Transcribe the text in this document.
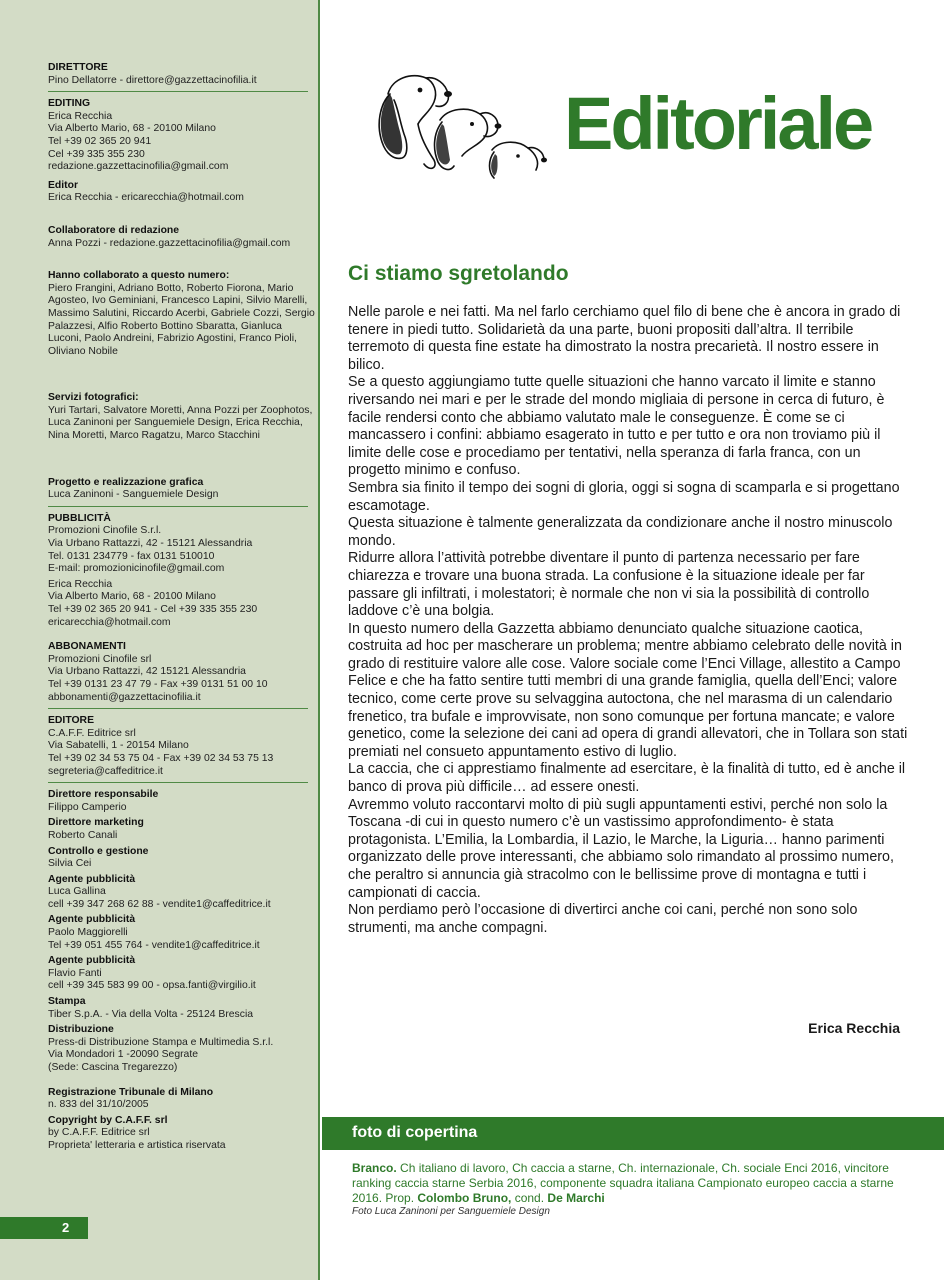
DIRETTORE
Pino Dellatorre - direttore@gazzettacinofilia.it
EDITING
Erica Recchia
Via Alberto Mario, 68 - 20100 Milano
Tel +39 02 365 20 941
Cel +39 335 355 230
redazione.gazzettacinofilia@gmail.com
Editor
Erica Recchia - ericarecchia@hotmail.com
Collaboratore di redazione
Anna Pozzi - redazione.gazzettacinofilia@gmail.com
Hanno collaborato a questo numero:
Piero Frangini, Adriano Botto, Roberto Fiorona, Mario
Agosteo, Ivo Geminiani, Francesco Lapini, Silvio Marelli,
Massimo Salutini, Riccardo Acerbi, Gabriele Cozzi, Sergio
Palazzesi, Alfio Roberto Bottino Sbaratta, Gianluca
Luconi, Paolo Andreini, Fabrizio Agostini, Franco Pioli,
Oliviano Nobile
Servizi fotografici:
Yuri Tartari, Salvatore Moretti, Anna Pozzi per Zoophotos,
Luca Zaninoni per Sanguemiele Design, Erica Recchia,
Nina Moretti, Marco Ragatzu, Marco Stacchini
Progetto e realizzazione grafica
Luca Zaninoni - Sanguemiele Design
PUBBLICITÀ
Promozioni Cinofile S.r.l.
Via Urbano Rattazzi, 42 - 15121 Alessandria
Tel. 0131 234779 - fax 0131 510010
E-mail: promozionicinofile@gmail.com
Erica Recchia
Via Alberto Mario, 68 - 20100 Milano
Tel +39 02 365 20 941 - Cel +39 335 355 230
ericarecchia@hotmail.com
ABBONAMENTI
Promozioni Cinofile srl
Via Urbano Rattazzi, 42 15121 Alessandria
Tel +39 0131 23 47 79 - Fax +39 0131 51 00 10
abbonamenti@gazzettacinofilia.it
EDITORE
C.A.F.F. Editrice srl
Via Sabatelli, 1 - 20154 Milano
Tel +39 02 34 53 75 04 - Fax +39 02 34 53 75 13
segreteria@caffeditrice.it
Direttore responsabile
Filippo Camperio
Direttore marketing
Roberto Canali
Controllo e gestione
Silvia Cei
Agente pubblicità
Luca Gallina
cell +39 347 268 62 88 - vendite1@caffeditrice.it
Agente pubblicità
Paolo Maggiorelli
Tel +39 051 455 764 - vendite1@caffeditrice.it
Agente pubblicità
Flavio Fanti
cell +39 345 583 99 00 - opsa.fanti@virgilio.it
Stampa
Tiber S.p.A. - Via della Volta - 25124 Brescia
Distribuzione
Press-di Distribuzione Stampa e Multimedia S.r.l.
Via Mondadori 1 -20090 Segrate
(Sede: Cascina Tregarezzo)
Registrazione Tribunale di Milano
n. 833 del 31/10/2005
Copyright by C.A.F.F. srl
by C.A.F.F. Editrice srl
Proprieta' letteraria e artistica riservata
2
Editoriale
Ci stiamo sgretolando

Nelle parole e nei fatti. Ma nel farlo cerchiamo quel filo di bene che è ancora in grado di tenere in piedi tutto. Solidarietà da una parte, buoni propositi dall’altra. Il terribile terremoto di questa fine estate ha dimostrato la nostra precarietà. Il nostro essere in bilico.

Se a questo aggiungiamo tutte quelle situazioni che hanno varcato il limite e stanno riversando nei mari e per le strade del mondo migliaia di persone in cerca di futuro, è facile rendersi conto che abbiamo valutato male le conseguenze. È come se ci mancassero i confini: abbiamo esagerato in tutto e per tutto e ora non troviamo più il limite delle cose e procediamo per tentativi, nella speranza di farla franca, con un progetto minimo e confuso.

Sembra sia finito il tempo dei sogni di gloria, oggi si sogna di scamparla e si progettano escamotage.

Questa situazione è talmente generalizzata da condizionare anche il nostro minuscolo mondo.

Ridurre allora l’attività potrebbe diventare il punto di partenza necessario per fare chiarezza e trovare una buona strada. La confusione è la situazione ideale per far passare gli infiltrati, i molestatori; è normale che non vi sia la possibilità di controllo laddove c’è una bolgia.

In questo numero della Gazzetta abbiamo denunciato qualche situazione caotica, costruita ad hoc per mascherare un problema; mentre abbiamo celebrato delle novità in grado di restituire valore alle cose. Valore sociale come l’Enci Village, allestito a Campo Felice e che ha fatto sentire tutti membri di una grande famiglia, quella dell’Enci; valore tecnico, come certe prove su selvaggina autoctona, che nel marasma di un calendario frenetico, tra bufale e improvvisate, non sono comunque per fortuna mancate; e valore genetico, come la selezione dei cani ad opera di grandi allevatori, che in Tollara son stati premiati nel consueto appuntamento estivo di luglio.

La caccia, che ci apprestiamo finalmente ad esercitare, è la finalità di tutto, ed è anche il banco di prova più difficile… ad essere onesti.

Avremmo voluto raccontarvi molto di più sugli appuntamenti estivi, perché non solo la Toscana -di cui in questo numero c’è un vastissimo approfondimento- è stata protagonista. L’Emilia, la Lombardia, il Lazio, le Marche, la Liguria… hanno parimenti organizzato delle prove interessanti, che abbiamo solo rimandato al prossimo numero, che peraltro si annuncia già stracolmo con le bellissime prove di montagna e tutti i campionati di caccia.

Non perdiamo però l’occasione di divertirci anche coi cani, perché non sono solo strumenti, ma anche compagni.

Erica Recchia
foto di copertina
Branco. Ch italiano di lavoro, Ch caccia a starne, Ch. internazionale, Ch. sociale Enci 2016, vincitore ranking caccia starne Serbia 2016, componente squadra italiana Campionato europeo caccia a starne 2016. Prop. Colombo Bruno, cond. De Marchi
Foto Luca Zaninoni per Sanguemiele Design
